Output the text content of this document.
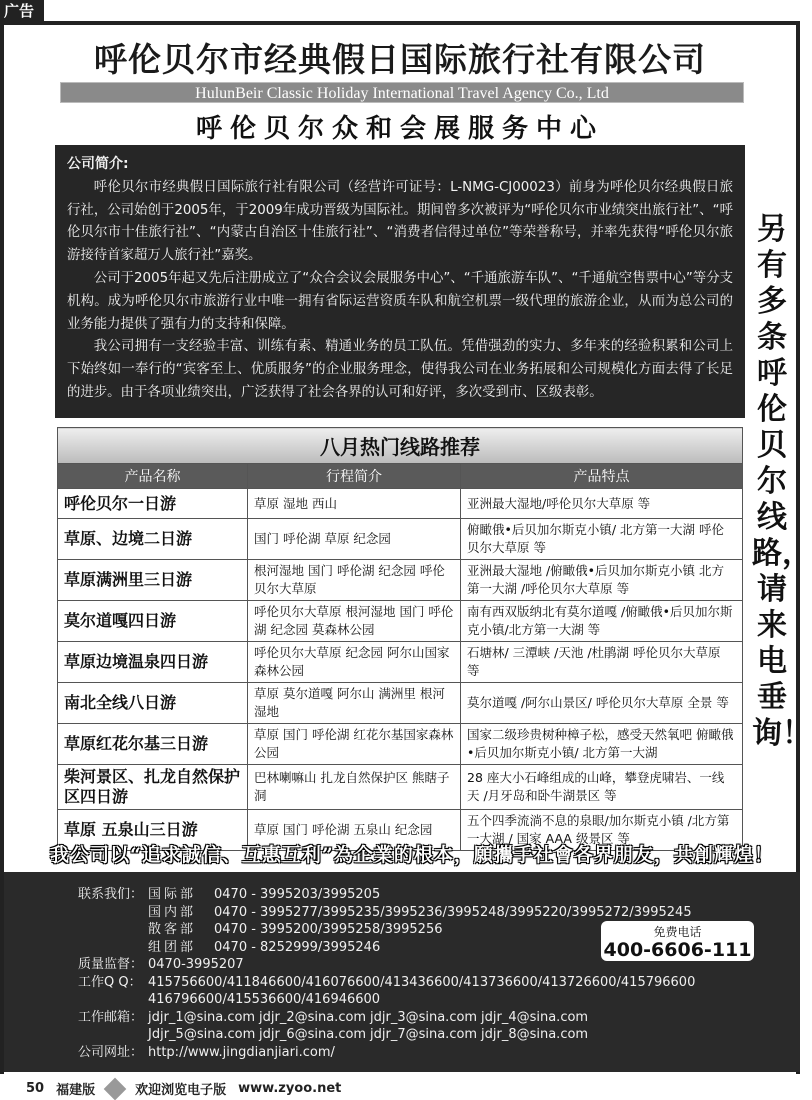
广告
呼伦贝尔市经典假日国际旅行社有限公司
HulunBeir Classic Holiday International Travel Agency Co., Ltd
呼伦贝尔众和会展服务中心
公司简介:

呼伦贝尔市经典假日国际旅行社有限公司（经营许可证号：L-NMG-CJ00023）前身为呼伦贝尔经典假日旅行社，公司始创于2005年，于2009年成功晋级为国际社。期间曾多次被评为“呼伦贝尔市业绩突出旅行社”、“呼伦贝尔市十佳旅行社”、“内蒙古自治区十佳旅行社”、“消费者信得过单位”等荣誉称号，并率先获得“呼伦贝尔旅游接待首家超万人旅行社”嘉奖。

公司于2005年起又先后注册成立了“众合会议会展服务中心”、“千通旅游车队”、“千通航空售票中心”等分支机构。成为呼伦贝尔市旅游行业中唯一拥有省际运营资质车队和航空机票一级代理的旅游企业，从而为总公司的业务能力提供了强有力的支持和保障。

我公司拥有一支经验丰富、训练有素、精通业务的员工队伍。凭借强劲的实力、多年来的经验积累和公司上下始终如一奉行的“宾客至上、优质服务”的企业服务理念，使得我公司在业务拓展和公司规模化方面去得了长足的进步。由于各项业绩突出，广泛获得了社会各界的认可和好评，多次受到市、区级表彰。

另有多条呼伦贝尔线路，请来电垂询！
八月热门线路推荐		
产品名称	行程简介	产品特点
呼伦贝尔一日游	草原 湿地 西山	亚洲最大湿地/呼伦贝尔大草原 等
草原、边境二日游	国门 呼伦湖 草原 纪念园	俯瞰俄•后贝加尔斯克小镇/ 北方第一大湖 呼伦贝尔大草原 等
草原满洲里三日游	根河湿地 国门 呼伦湖 纪念园 呼伦贝尔大草原	亚洲最大湿地 /俯瞰俄•后贝加尔斯克小镇 北方第一大湖 /呼伦贝尔大草原 等
莫尔道嘎四日游	呼伦贝尔大草原 根河湿地 国门 呼伦湖 纪念园 莫森林公园	南有西双版纳北有莫尔道嘎 /俯瞰俄•后贝加尔斯克小镇/北方第一大湖 等
草原边境温泉四日游	呼伦贝尔大草原 纪念园 阿尔山国家森林公园	石塘林/ 三潭峡 /天池 /杜鹃湖 呼伦贝尔大草原 等
南北全线八日游	草原 莫尔道嘎 阿尔山 满洲里 根河湿地	莫尔道嘎 /阿尔山景区/ 呼伦贝尔大草原 全景 等
草原红花尔基三日游	草原 国门 呼伦湖 红花尔基国家森林公园	国家二级珍贵树种樟子松，感受天然氧吧 俯瞰俄•后贝加尔斯克小镇/ 北方第一大湖
柴河景区、扎龙自然保护区四日游	巴林喇嘛山 扎龙自然保护区 熊瞎子洞	28 座大小石峰组成的山峰，攀登虎啸岩、一线天 /月牙岛和卧牛湖景区 等
草原 五泉山三日游	草原 国门 呼伦湖 五泉山 纪念园	五个四季流淌不息的泉眼/加尔斯克小镇 /北方第一大湖 / 国家 AAA 级景区 等
我公司以“追求誠信、互惠互利”為企業的根本，願攜手社會各界朋友，共創輝煌！
联系我们： 国际部	0470 - 3995203/3995205
国内部	0470 - 3995277/3995235/3995236/3995248/3995220/3995272/3995245
散客部	0470 - 3995200/3995258/3995256
组团部	0470 - 8252999/3995246
质量监督： 0470-3995207
工作Q Q： 415756600/411846600/416076600/413436600/413736600/413726600/415796600
416796600/415536600/416946600
工作邮箱： jdjr_1@sina.com jdjr_2@sina.com jdjr_3@sina.com jdjr_4@sina.com
Jdjr_5@sina.com jdjr_6@sina.com jdjr_7@sina.com jdjr_8@sina.com
公司网址： http://www.jingdianjiari.com/
免费电话
400-6606-111
50 福建版	欢迎浏览电子版 www.zyoo.net
